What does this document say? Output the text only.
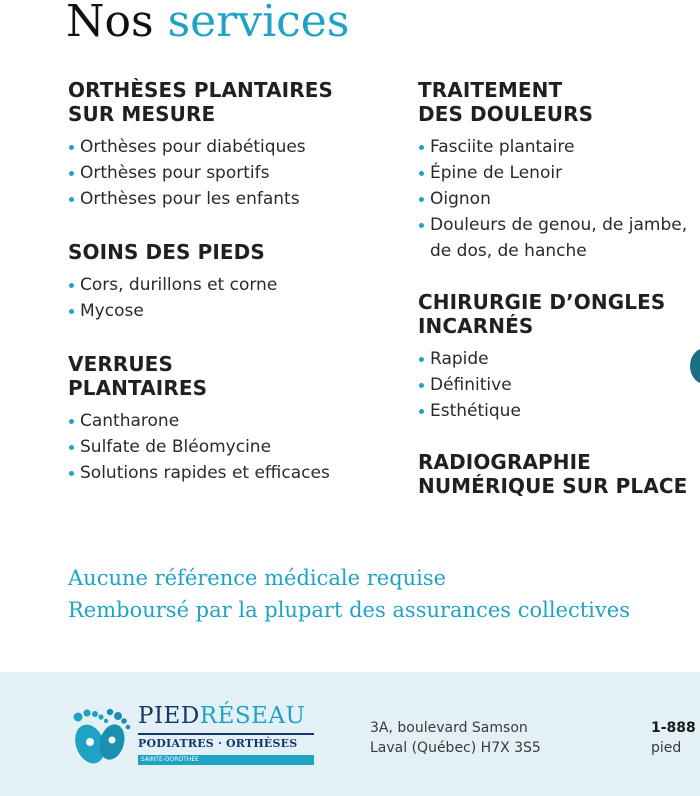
Nos services
ORTHÈSES PLANTAIRES
SUR MESURE
Orthèses pour diabétiques
Orthèses pour sportifs
Orthèses pour les enfants
SOINS DES PIEDS
Cors, durillons et corne
Mycose
VERRUES
PLANTAIRES
Cantharone
Sulfate de Bléomycine
Solutions rapides et efficaces
TRAITEMENT
DES DOULEURS
Fasciite plantaire
Épine de Lenoir
Oignon
Douleurs de genou, de jambe, de dos, de hanche
CHIRURGIE D’ONGLES
INCARNÉS
Rapide
Définitive
Esthétique
RADIOGRAPHIE
NUMÉRIQUE SUR PLACE
Aucune référence médicale requise
Remboursé par la plupart des assurances collectives
PIEDRÉSEAU
PODIATRES · ORTHÈSES
SAINTE-DOROTHÉE
3A, boulevard Samson
Laval (Québec) H7X 3S5
1-888
pied
